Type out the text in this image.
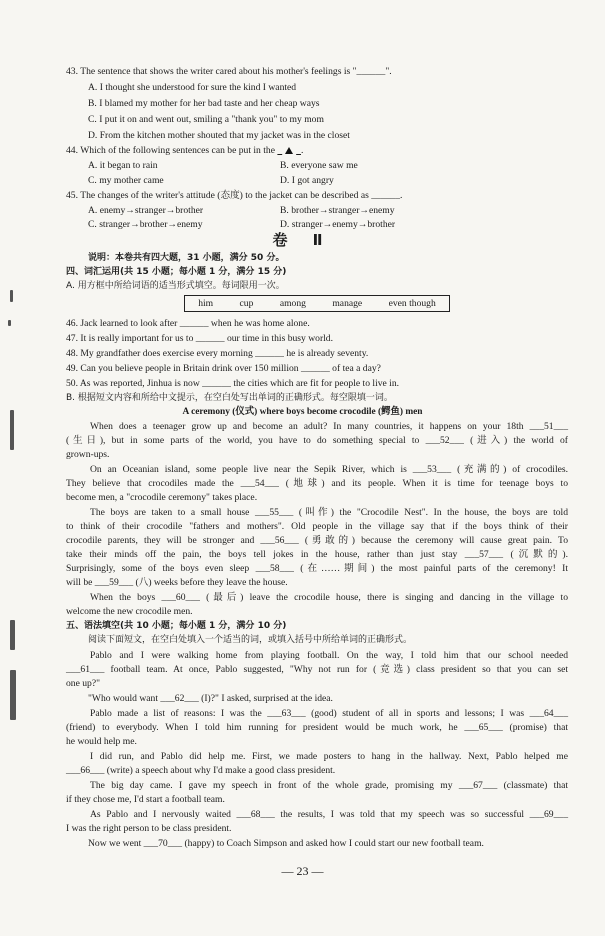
43. The sentence that shows the writer cared about his mother's feelings is "______".
A. I thought she understood for sure the kind I wanted
B. I blamed my mother for her bad taste and her cheap ways
C. I put it on and went out, smiling a "thank you" to my mom
D. From the kitchen mother shouted that my jacket was in the closet
44. Which of the following sentences can be put in the	.
A. it began to rain	B. everyone saw me
C. my mother came	D. I got angry
45. The changes of the writer's attitude (态度) to the jacket can be described as ______.
A. enemy→stranger→brother	B. brother→stranger→enemy
C. stranger→brother→enemy	D. stranger→enemy→brother
卷 Ⅱ
说明：本卷共有四大题，31 小题，满分 50 分。
四、词汇运用(共 15 小题；每小题 1 分，满分 15 分)
A. 用方框中所给词语的适当形式填空。每词限用一次。
him	cup	among	manage	even though
46. Jack learned to look after ______ when he was home alone.
47. It is really important for us to ______ our time in this busy world.
48. My grandfather does exercise every morning ______ he is already seventy.
49. Can you believe people in Britain drink over 150 million ______ of tea a day?
50. As was reported, Jinhua is now ______ the cities which are fit for people to live in.
B. 根据短文内容和所给中文提示，在空白处写出单词的正确形式。每空限填一词。
A ceremony (仪式) where boys become crocodile (鳄鱼) men
When does a teenager grow up and become an adult? In many countries, it happens on your 18th ___51___
(生日), but in some parts of the world, you have to do something special to ___52___ (进入) the world of
grown-ups.
On an Oceanian island, some people live near the Sepik River, which is ___53___ (充满的) of crocodiles.
They believe that crocodiles made the ___54___ (地球) and its people. When it is time for teenage boys to
become men, a "crocodile ceremony" takes place.
The boys are taken to a small house ___55___ (叫作) the "Crocodile Nest". In the house, the boys are told
to think of their crocodile "fathers and mothers". Old people in the village say that if the boys think of their
crocodile parents, they will be stronger and ___56___ (勇敢的) because the ceremony will cause great pain. To
take their minds off the pain, the boys tell jokes in the house, rather than just stay ___57___ (沉默的).
Surprisingly, some of the boys even sleep ___58___ (在……期间) the most painful parts of the ceremony! It
will be ___59___ (八) weeks before they leave the house.
When the boys ___60___ (最后) leave the crocodile house, there is singing and dancing in the village to
welcome the new crocodile men.
五、语法填空(共 10 小题；每小题 1 分，满分 10 分)
阅读下面短文，在空白处填入一个适当的词，或填入括号中所给单词的正确形式。
Pablo and I were walking home from playing football. On the way, I told him that our school needed
___61___ football team. At once, Pablo suggested, "Why not run for (竞选) class president so that you can set
one up?"
"Who would want ___62___ (I)?" I asked, surprised at the idea.
Pablo made a list of reasons: I was the ___63___ (good) student of all in sports and lessons; I was ___64___
(friend) to everybody. When I told him running for president would be much work, he ___65___ (promise) that
he would help me.
I did run, and Pablo did help me. First, we made posters to hang in the hallway. Next, Pablo helped me
___66___ (write) a speech about why I'd make a good class president.
The big day came. I gave my speech in front of the whole grade, promising my ___67___ (classmate) that
if they chose me, I'd start a football team.
As Pablo and I nervously waited ___68___ the results, I was told that my speech was so successful ___69___
I was the right person to be class president.
Now we went ___70___ (happy) to Coach Simpson and asked how I could start our new football team.
— 23 —
